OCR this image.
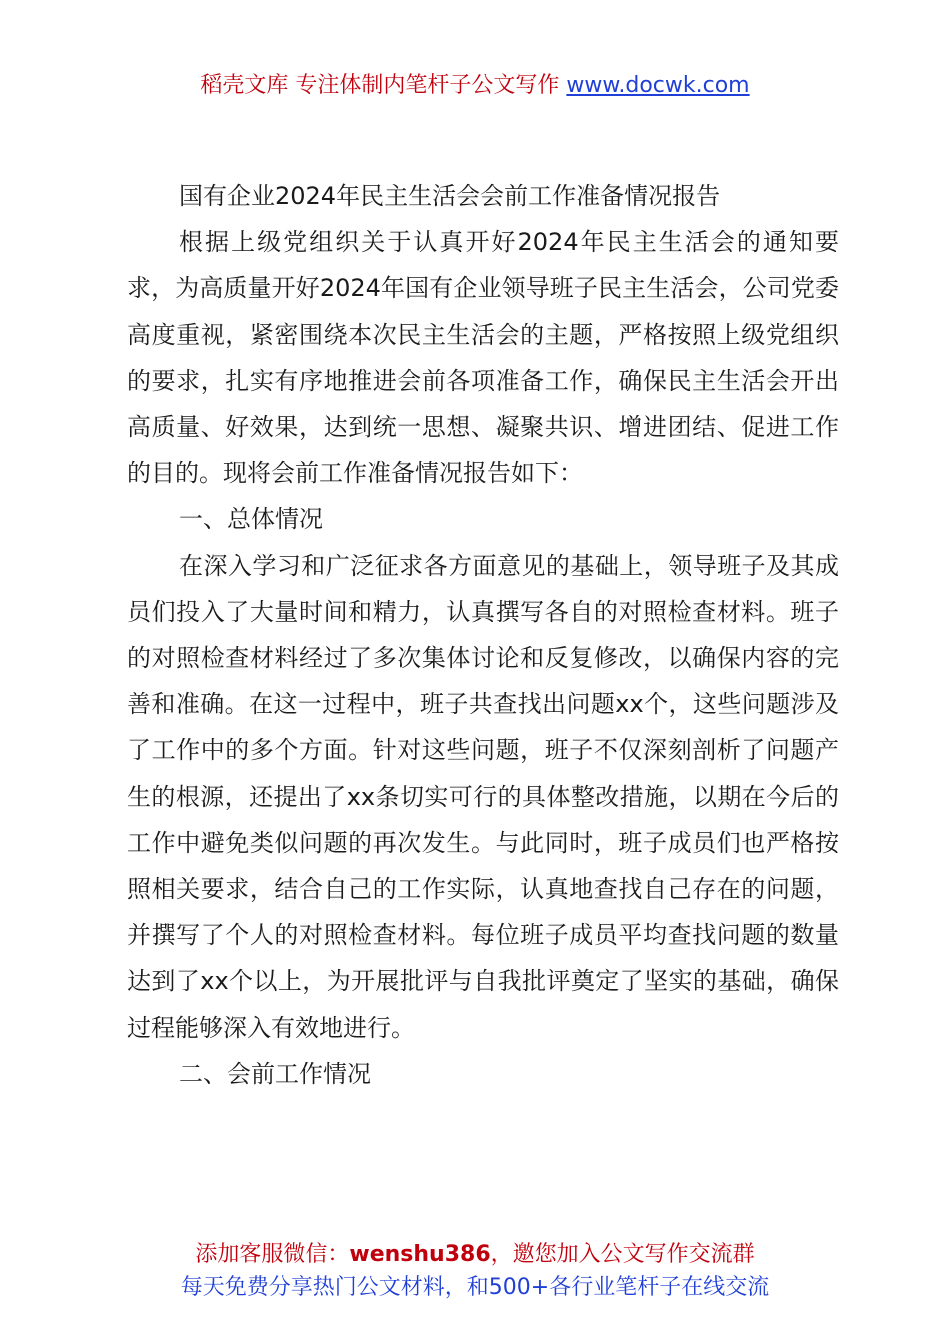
稻壳文库 专注体制内笔杆子公文写作 www.docwk.com

国有企业2024年民主生活会会前工作准备情况报告

根据上级党组织关于认真开好2024年民主生活会的通知要求，为高质量开好2024年国有企业领导班子民主生活会，公司党委高度重视，紧密围绕本次民主生活会的主题，严格按照上级党组织的要求，扎实有序地推进会前各项准备工作，确保民主生活会开出高质量、好效果，达到统一思想、凝聚共识、增进团结、促进工作的目的。现将会前工作准备情况报告如下：

一、总体情况

在深入学习和广泛征求各方面意见的基础上，领导班子及其成员们投入了大量时间和精力，认真撰写各自的对照检查材料。班子的对照检查材料经过了多次集体讨论和反复修改，以确保内容的完善和准确。在这一过程中，班子共查找出问题xx个，这些问题涉及了工作中的多个方面。针对这些问题，班子不仅深刻剖析了问题产生的根源，还提出了xx条切实可行的具体整改措施，以期在今后的工作中避免类似问题的再次发生。与此同时，班子成员们也严格按照相关要求，结合自己的工作实际，认真地查找自己存在的问题，并撰写了个人的对照检查材料。每位班子成员平均查找问题的数量达到了xx个以上，为开展批评与自我批评奠定了坚实的基础，确保过程能够深入有效地进行。

二、会前工作情况

添加客服微信：wenshu386，邀您加入公文写作交流群
每天免费分享热门公文材料，和500+各行业笔杆子在线交流
